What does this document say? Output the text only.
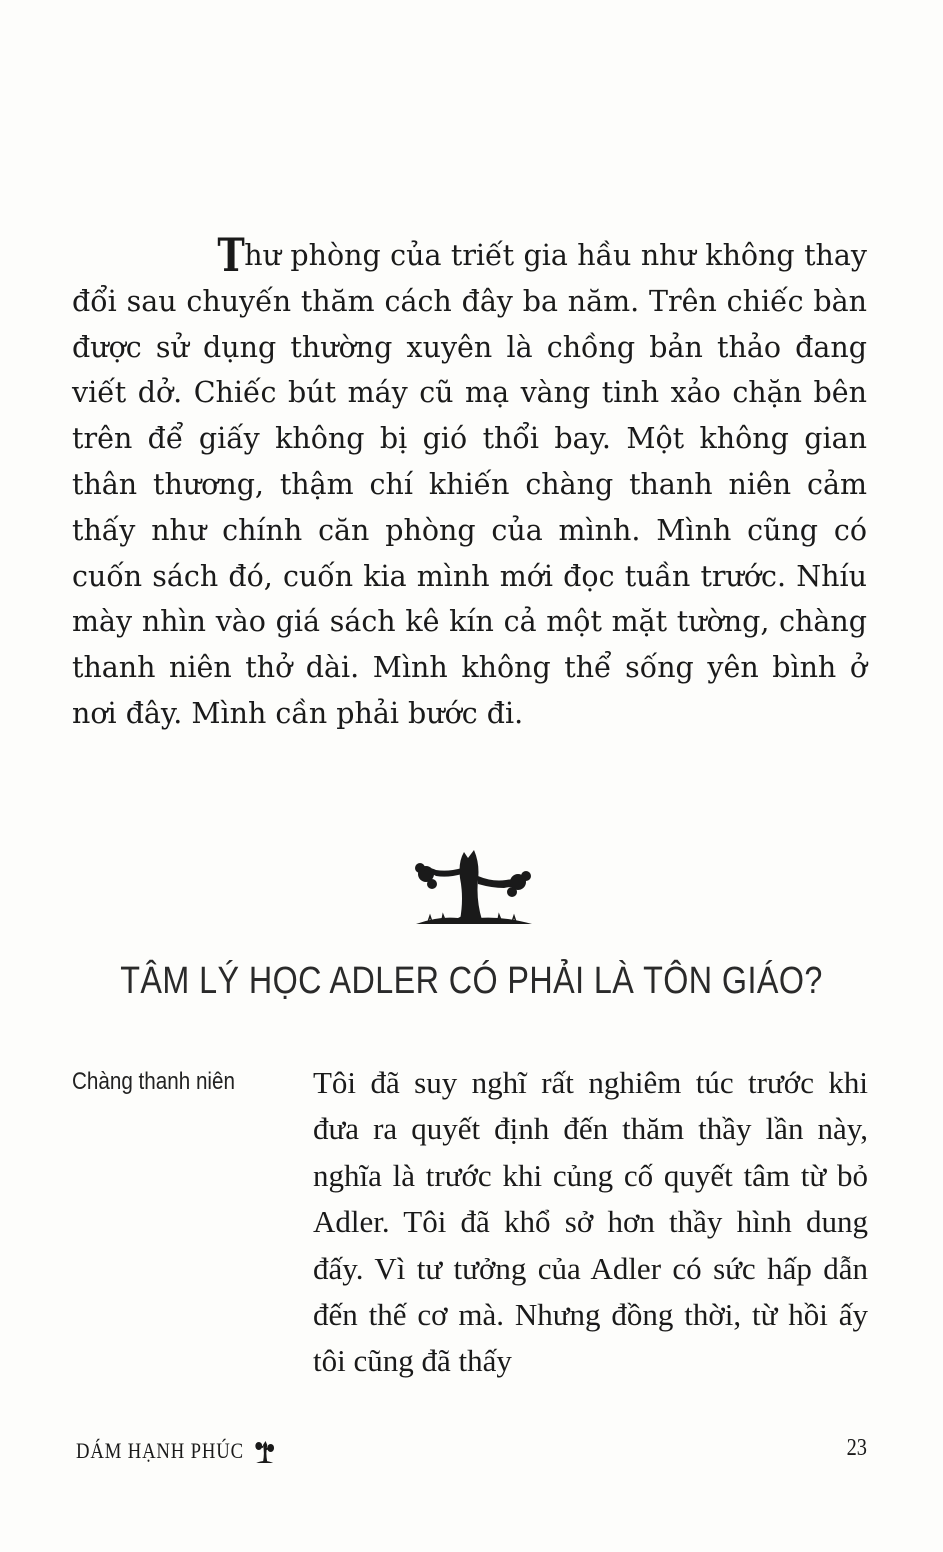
Thư phòng của triết gia hầu như không thay đổi sau chuyến thăm cách đây ba năm. Trên chiếc bàn được sử dụng thường xuyên là chồng bản thảo đang viết dở. Chiếc bút máy cũ mạ vàng tinh xảo chặn bên trên để giấy không bị gió thổi bay. Một không gian thân thương, thậm chí khiến chàng thanh niên cảm thấy như chính căn phòng của mình. Mình cũng có cuốn sách đó, cuốn kia mình mới đọc tuần trước. Nhíu mày nhìn vào giá sách kê kín cả một mặt tường, chàng thanh niên thở dài. Mình không thể sống yên bình ở nơi đây. Mình cần phải bước đi.

TÂM LÝ HỌC ADLER CÓ PHẢI LÀ TÔN GIÁO?
Chàng thanh niên	Tôi đã suy nghĩ rất nghiêm túc trước khi đưa ra quyết định đến thăm thầy lần này, nghĩa là trước khi củng cố quyết tâm từ bỏ Adler. Tôi đã khổ sở hơn thầy hình dung đấy. Vì tư tưởng của Adler có sức hấp dẫn đến thế cơ mà. Nhưng đồng thời, từ hồi ấy tôi cũng đã thấy

DÁM HẠNH PHÚC	23
